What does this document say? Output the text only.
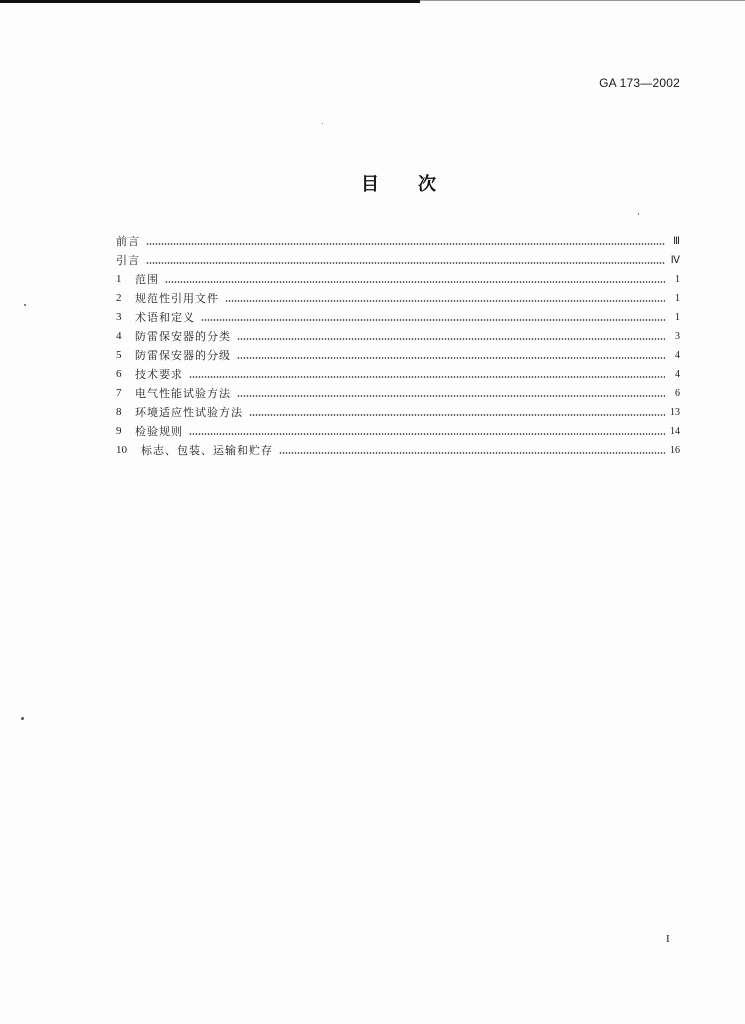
GA 173—2002
目 次
前言	Ⅲ
引言	Ⅳ
1	范围	1
2	规范性引用文件	1
3	术语和定义	1
4	防雷保安器的分类	3
5	防雷保安器的分级	4
6	技术要求	4
7	电气性能试验方法	6
8	环境适应性试验方法	13
9	检验规则	14
10	标志、包装、运输和贮存	16
I
